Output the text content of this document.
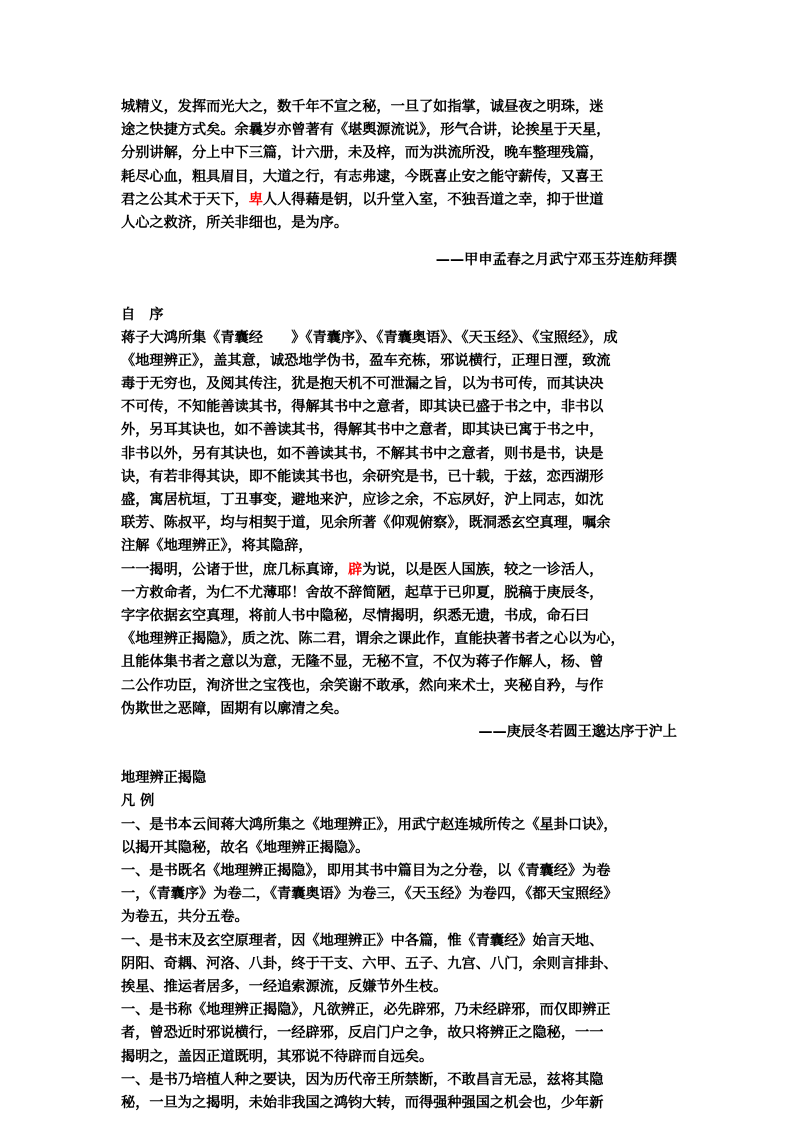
城精义，发挥而光大之，数千年不宣之秘，一旦了如指掌，诚昼夜之明珠，迷
途之快捷方式矣。余曩岁亦曾著有《堪舆源流说》，形气合讲，论挨星于天星，
分别讲解，分上中下三篇，计六册，未及梓，而为洪流所没，晚车整理残篇，
耗尽心血，粗具眉目，大道之行，有志弗逮，今既喜止安之能守薪传，又喜王
君之公其术于天下，卑人人得藉是钥，以升堂入室，不独吾道之幸，抑于世道
人心之救济，所关非细也，是为序。
——甲申孟春之月武宁邓玉芬连舫拜撰
自　序
蒋子大鸿所集《青囊经　　》《青囊序》、《青囊奥语》、《天玉经》、《宝照经》，成
《地理辨正》，盖其意，诚恐地学伪书，盈车充栋，邪说横行，正理日湮，致流
毒于无穷也，及阅其传注，犹是抱天机不可泄漏之旨，以为书可传，而其诀决
不可传，不知能善读其书，得解其书中之意者，即其诀已盛于书之中，非书以
外，另耳其诀也，如不善读其书，得解其书中之意者，即其诀已寓于书之中，
非书以外，另有其诀也，如不善读其书，不解其书中之意者，则书是书，诀是
诀，有若非得其诀，即不能读其书也，余研究是书，已十载，于兹，恋西湖形
盛，寓居杭垣，丁丑事变，避地来沪，应诊之余，不忘夙好，沪上同志，如沈
联芳、陈叔平，均与相契于道，见余所著《仰观俯察》，既洞悉玄空真理，嘱余
注解《地理辨正》，将其隐辞，
一一揭明，公诸于世，庶几标真谛，辟为说，以是医人国族，较之一诊活人，
一方救命者，为仁不尤薄耶！舍故不辞简陋，起草于已卯夏，脱稿于庚辰冬，
字字依据玄空真理，将前人书中隐秘，尽情揭明，织悉无遗，书成，命石曰
《地理辨正揭隐》，质之沈、陈二君，谓余之课此作，直能抉著书者之心以为心，
且能体集书者之意以为意，无隆不显，无秘不宣，不仅为蒋子作解人，杨、曾
二公作功臣，洵济世之宝筏也，余笑谢不敢承，然向来术士，夹秘自矜，与作
伪欺世之恶障，固期有以廓清之矣。
——庚辰冬若圆王邈达序于沪上
地理辨正揭隐
凡 例
一、是书本云间蒋大鸿所集之《地理辨正》，用武宁赵连城所传之《星卦口诀》，
以揭开其隐秘，故名《地理辨正揭隐》。
一、是书既名《地理辨正揭隐》，即用其书中篇目为之分卷，以《青囊经》为卷
一，《青囊序》为卷二，《青囊奥语》为卷三，《天玉经》为卷四，《都天宝照经》
为卷五，共分五卷。
一、是书末及玄空原理者，因《地理辨正》中各篇，惟《青囊经》始言天地、
阴阳、奇耦、河洛、八卦，终于干支、六甲、五子、九宫、八门，余则言排卦、
挨星、推运者居多，一经追索源流，反嫌节外生枝。
一、是书称《地理辨正揭隐》，凡欲辨正，必先辟邪，乃未经辟邪，而仅即辨正
者，曾恐近时邪说横行，一经辟邪，反启门户之争，故只将辨正之隐秘，一一
揭明之，盖因正道既明，其邪说不待辟而自远矣。
一、是书乃培植人种之要诀，因为历代帝王所禁断，不敢昌言无忌，兹将其隐
秘，一旦为之揭明，未始非我国之鸿钧大转，而得强种强国之机会也，少年新
